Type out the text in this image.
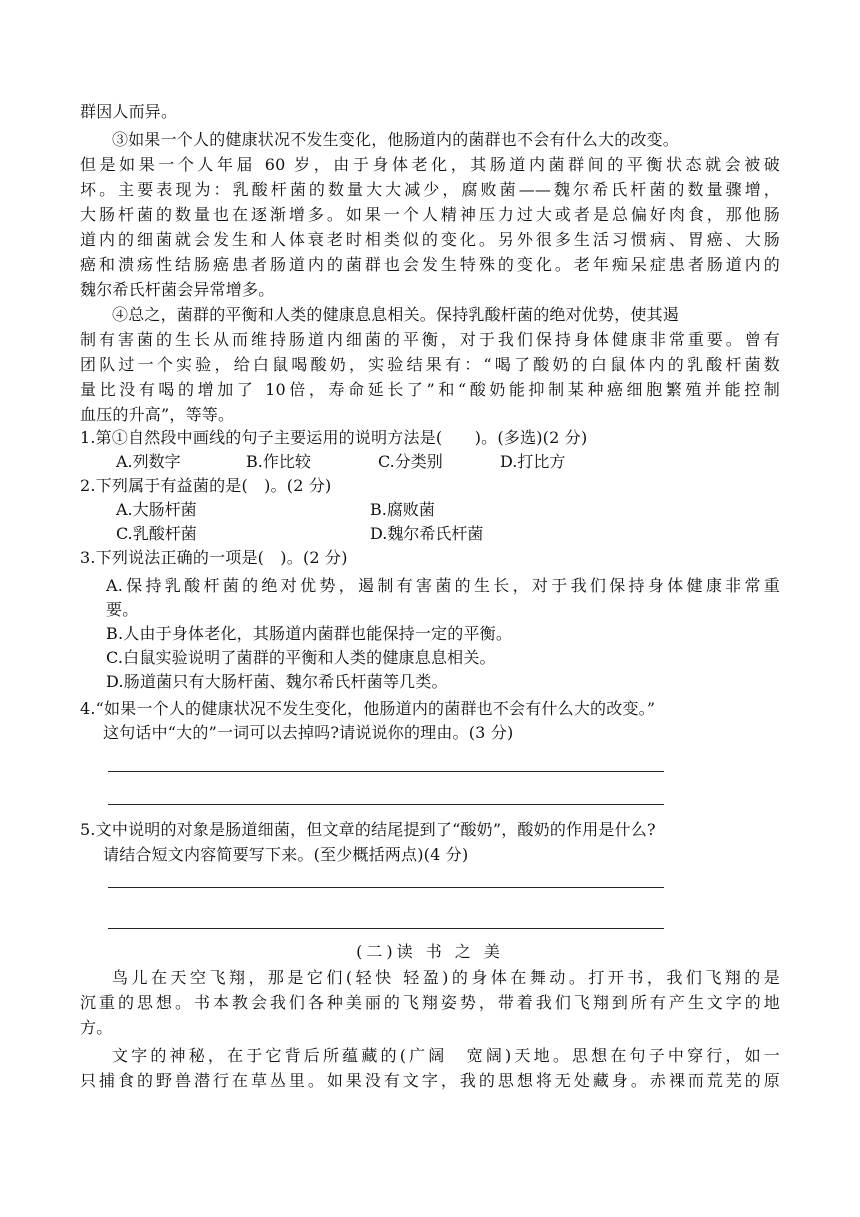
群因人而异。

③如果一个人的健康状况不发生变化，他肠道内的菌群也不会有什么大的改变。

但是如果一个人年届 60 岁，由于身体老化，其肠道内菌群间的平衡状态就会被破

坏。主要表现为：乳酸杆菌的数量大大减少，腐败菌——魏尔希氏杆菌的数量骤增，

大肠杆菌的数量也在逐渐增多。如果一个人精神压力过大或者是总偏好肉食，那他肠

道内的细菌就会发生和人体衰老时相类似的变化。另外很多生活习惯病、胃癌、大肠

癌和溃疡性结肠癌患者肠道内的菌群也会发生特殊的变化。老年痴呆症患者肠道内的

魏尔希氏杆菌会异常增多。

④总之，菌群的平衡和人类的健康息息相关。保持乳酸杆菌的绝对优势，使其遏

制有害菌的生长从而维持肠道内细菌的平衡，对于我们保持身体健康非常重要。曾有

团队过一个实验，给白鼠喝酸奶，实验结果有：“喝了酸奶的白鼠体内的乳酸杆菌数

量比没有喝的增加了 10倍，寿命延长了”和“酸奶能抑制某种癌细胞繁殖并能控制

血压的升高”，等等。

1.第①自然段中画线的句子主要运用的说明方法是(　　)。(多选)(2 分)

A.列数字	B.作比较	C.分类别	D.打比方

2.下列属于有益菌的是(　)。(2 分)

A.大肠杆菌	B.腐败菌
C.乳酸杆菌	D.魏尔希氏杆菌

3.下列说法正确的一项是(　)。(2 分)

A.保持乳酸杆菌的绝对优势，遏制有害菌的生长，对于我们保持身体健康非常重

要。

B.人由于身体老化，其肠道内菌群也能保持一定的平衡。

C.白鼠实验说明了菌群的平衡和人类的健康息息相关。

D.肠道菌只有大肠杆菌、魏尔希氏杆菌等几类。

4.“如果一个人的健康状况不发生变化，他肠道内的菌群也不会有什么大的改变。”

这句话中“大的”一词可以去掉吗?请说说你的理由。(3 分)

5.文中说明的对象是肠道细菌，但文章的结尾提到了“酸奶”，酸奶的作用是什么?

请结合短文内容简要写下来。(至少概括两点)(4 分)

(二)读 书 之 美

鸟儿在天空飞翔，那是它们(轻快 轻盈)的身体在舞动。打开书，我们飞翔的是

沉重的思想。书本教会我们各种美丽的飞翔姿势，带着我们飞翔到所有产生文字的地

方。

文字的神秘，在于它背后所蕴藏的(广阔　宽阔)天地。思想在句子中穿行，如一

只捕食的野兽潜行在草丛里。如果没有文字，我的思想将无处藏身。赤裸而荒芜的原
